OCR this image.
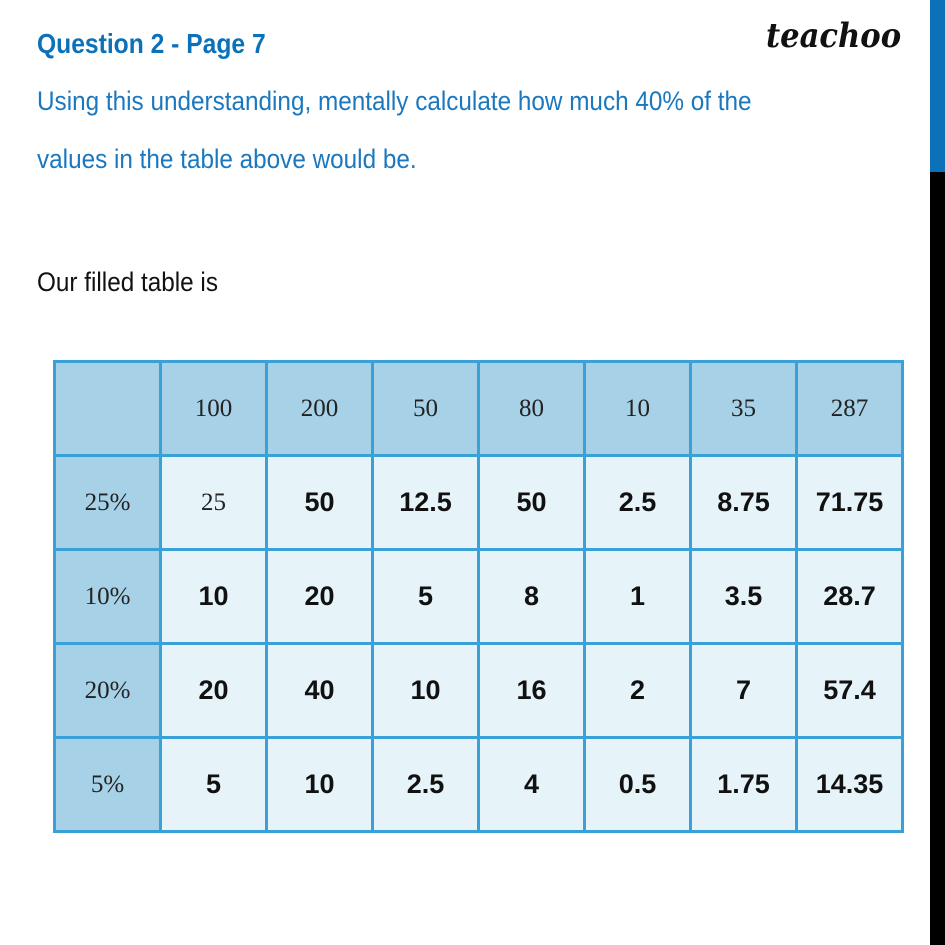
Question 2 - Page 7	teachoo
Using this understanding, mentally calculate how much 40% of the
values in the table above would be.
Our filled table is
	100	200	50	80	10	35	287
25%	25	50	12.5	50	2.5	8.75	71.75
10%	10	20	5	8	1	3.5	28.7
20%	20	40	10	16	2	7	57.4
5%	5	10	2.5	4	0.5	1.75	14.35
